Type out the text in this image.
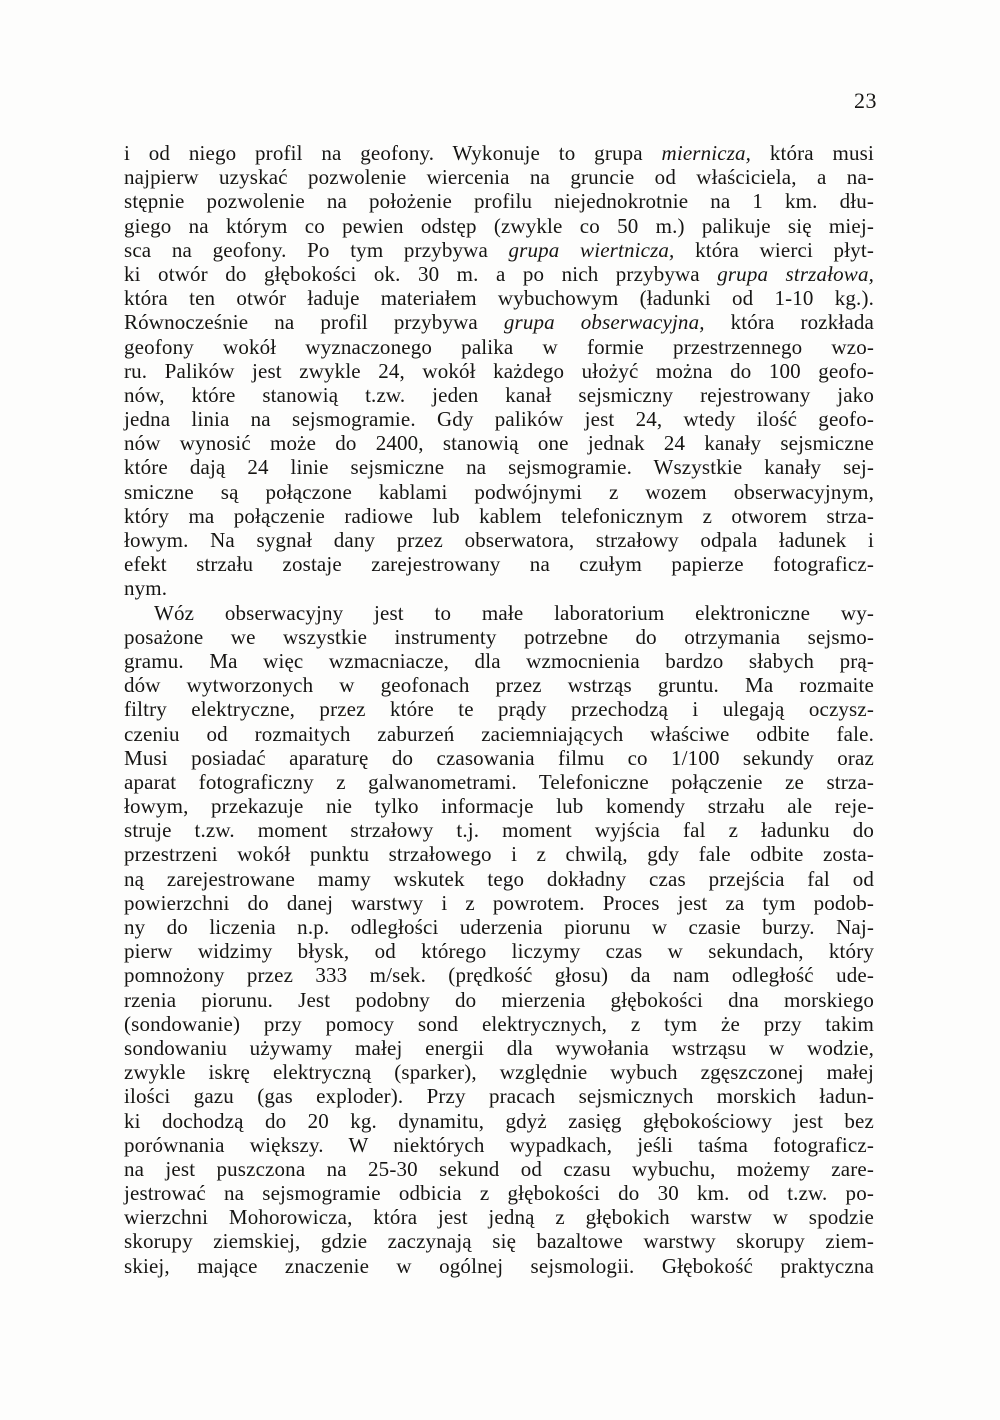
23
i od niego profil na geofony. Wykonuje to grupa miernicza, która musi
najpierw uzyskać pozwolenie wiercenia na gruncie od właściciela, a na-
stępnie pozwolenie na położenie profilu niejednokrotnie na 1 km. dłu-
giego na którym co pewien odstęp (zwykle co 50 m.) palikuje się miej-
sca na geofony. Po tym przybywa grupa wiertnicza, która wierci płyt-
ki otwór do głębokości ok. 30 m. a po nich przybywa grupa strzałowa,
która ten otwór ładuje materiałem wybuchowym (ładunki od 1-10 kg.).
Równocześnie na profil przybywa grupa obserwacyjna, która rozkłada
geofony wokół wyznaczonego palika w formie przestrzennego wzo-
ru. Palików jest zwykle 24, wokół każdego ułożyć można do 100 geofo-
nów, które stanowią t.zw. jeden kanał sejsmiczny rejestrowany jako
jedna linia na sejsmogramie. Gdy palików jest 24, wtedy ilość geofo-
nów wynosić może do 2400, stanowią one jednak 24 kanały sejsmiczne
które dają 24 linie sejsmiczne na sejsmogramie. Wszystkie kanały sej-
smiczne są połączone kablami podwójnymi z wozem obserwacyjnym,
który ma połączenie radiowe lub kablem telefonicznym z otworem strza-
łowym. Na sygnał dany przez obserwatora, strzałowy odpala ładunek i
efekt strzału zostaje zarejestrowany na czułym papierze fotograficz-
nym.
Wóz obserwacyjny jest to małe laboratorium elektroniczne wy-
posażone we wszystkie instrumenty potrzebne do otrzymania sejsmo-
gramu. Ma więc wzmacniacze, dla wzmocnienia bardzo słabych prą-
dów wytworzonych w geofonach przez wstrząs gruntu. Ma rozmaite
filtry elektryczne, przez które te prądy przechodzą i ulegają oczysz-
czeniu od rozmaitych zaburzeń zaciemniających właściwe odbite fale.
Musi posiadać aparaturę do czasowania filmu co 1/100 sekundy oraz
aparat fotograficzny z galwanometrami. Telefoniczne połączenie ze strza-
łowym, przekazuje nie tylko informacje lub komendy strzału ale reje-
struje t.zw. moment strzałowy t.j. moment wyjścia fal z ładunku do
przestrzeni wokół punktu strzałowego i z chwilą, gdy fale odbite zosta-
ną zarejestrowane mamy wskutek tego dokładny czas przejścia fal od
powierzchni do danej warstwy i z powrotem. Proces jest za tym podob-
ny do liczenia n.p. odległości uderzenia piorunu w czasie burzy. Naj-
pierw widzimy błysk, od którego liczymy czas w sekundach, który
pomnożony przez 333 m/sek. (prędkość głosu) da nam odległość ude-
rzenia piorunu. Jest podobny do mierzenia głębokości dna morskiego
(sondowanie) przy pomocy sond elektrycznych, z tym że przy takim
sondowaniu używamy małej energii dla wywołania wstrząsu w wodzie,
zwykle iskrę elektryczną (sparker), względnie wybuch zgęszczonej małej
ilości gazu (gas exploder). Przy pracach sejsmicznych morskich ładun-
ki dochodzą do 20 kg. dynamitu, gdyż zasięg głębokościowy jest bez
porównania większy. W niektórych wypadkach, jeśli taśma fotograficz-
na jest puszczona na 25-30 sekund od czasu wybuchu, możemy zare-
jestrować na sejsmogramie odbicia z głębokości do 30 km. od t.zw. po-
wierzchni Mohorowicza, która jest jedną z głębokich warstw w spodzie
skorupy ziemskiej, gdzie zaczynają się bazaltowe warstwy skorupy ziem-
skiej, mające znaczenie w ogólnej sejsmologii. Głębokość praktyczna
